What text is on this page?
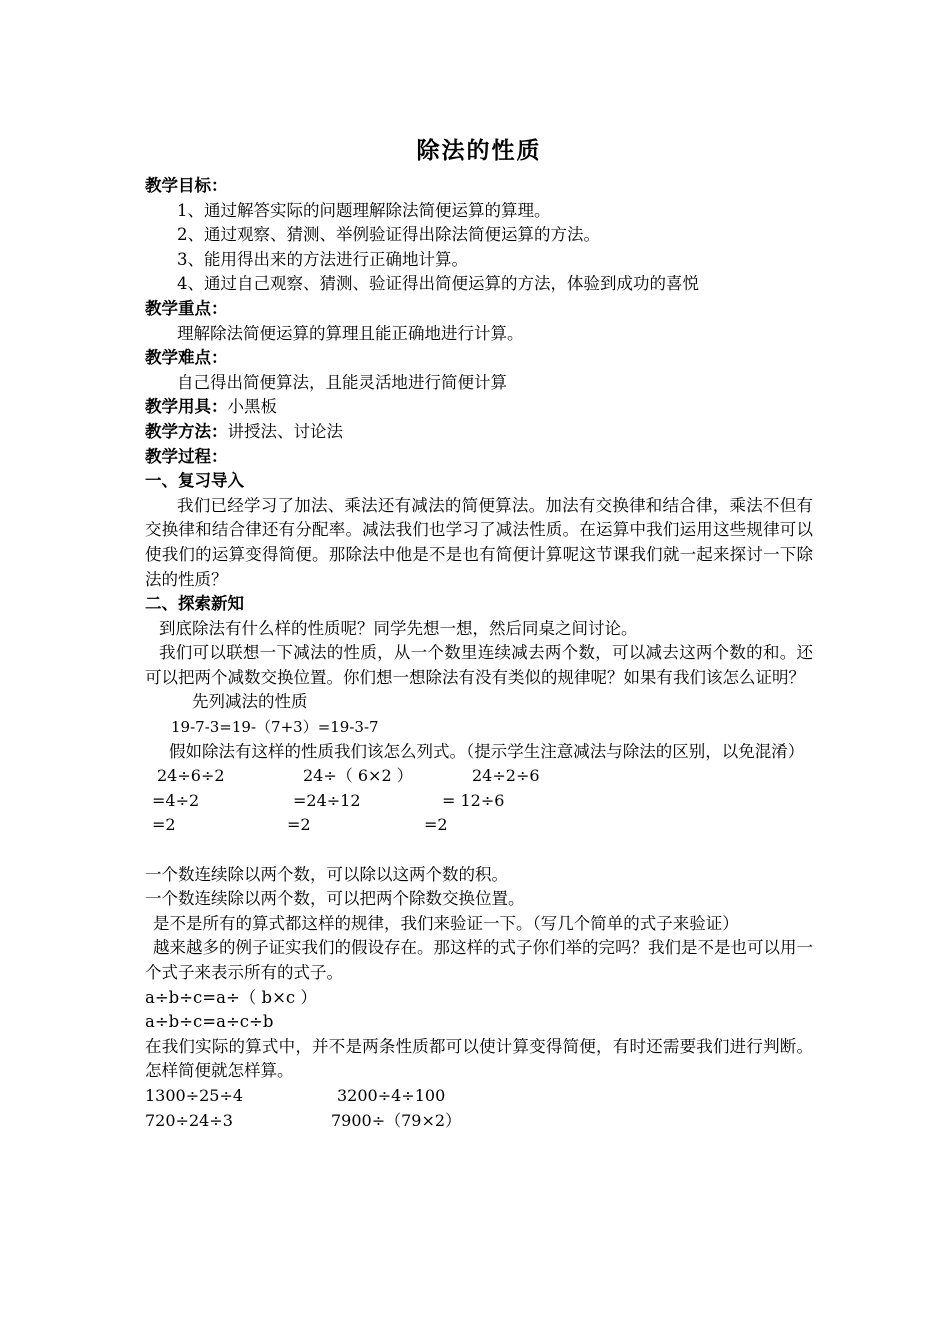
除法的性质
教学目标：
1、通过解答实际的问题理解除法简便运算的算理。
2、通过观察、猜测、举例验证得出除法简便运算的方法。
3、能用得出来的方法进行正确地计算。
4、通过自己观察、猜测、验证得出简便运算的方法，体验到成功的喜悦
教学重点：
理解除法简便运算的算理且能正确地进行计算。
教学难点：
自己得出简便算法，且能灵活地进行简便计算
教学用具：小黑板
教学方法：讲授法、讨论法
教学过程：
一、复习导入
我们已经学习了加法、乘法还有减法的简便算法。加法有交换律和结合律，乘法不但有交换律和结合律还有分配率。减法我们也学习了减法性质。在运算中我们运用这些规律可以使我们的运算变得简便。那除法中他是不是也有简便计算呢这节课我们就一起来探讨一下除法的性质？
二、探索新知
到底除法有什么样的性质呢？同学先想一想，然后同桌之间讨论。
我们可以联想一下减法的性质，从一个数里连续减去两个数，可以减去这两个数的和。还可以把两个减数交换位置。你们想一想除法有没有类似的规律呢？如果有我们该怎么证明？
先列减法的性质
19-7-3=19-（7+3）=19-3-7
假如除法有这样的性质我们该怎么列式。（提示学生注意减法与除法的区别，以免混淆）
24÷6÷2	24÷（ 6×2 ）	24÷2÷6
=4÷2	=24÷12	= 12÷6
=2	=2	=2
一个数连续除以两个数，可以除以这两个数的积。
一个数连续除以两个数，可以把两个除数交换位置。
是不是所有的算式都这样的规律，我们来验证一下。（写几个简单的式子来验证）
越来越多的例子证实我们的假设存在。那这样的式子你们举的完吗？我们是不是也可以用一个式子来表示所有的式子。
a÷b÷c=a÷（ b×c ）
a÷b÷c=a÷c÷b
在我们实际的算式中，并不是两条性质都可以使计算变得简便，有时还需要我们进行判断。怎样简便就怎样算。
1300÷25÷4	3200÷4÷100
720÷24÷3	7900÷（79×2）
